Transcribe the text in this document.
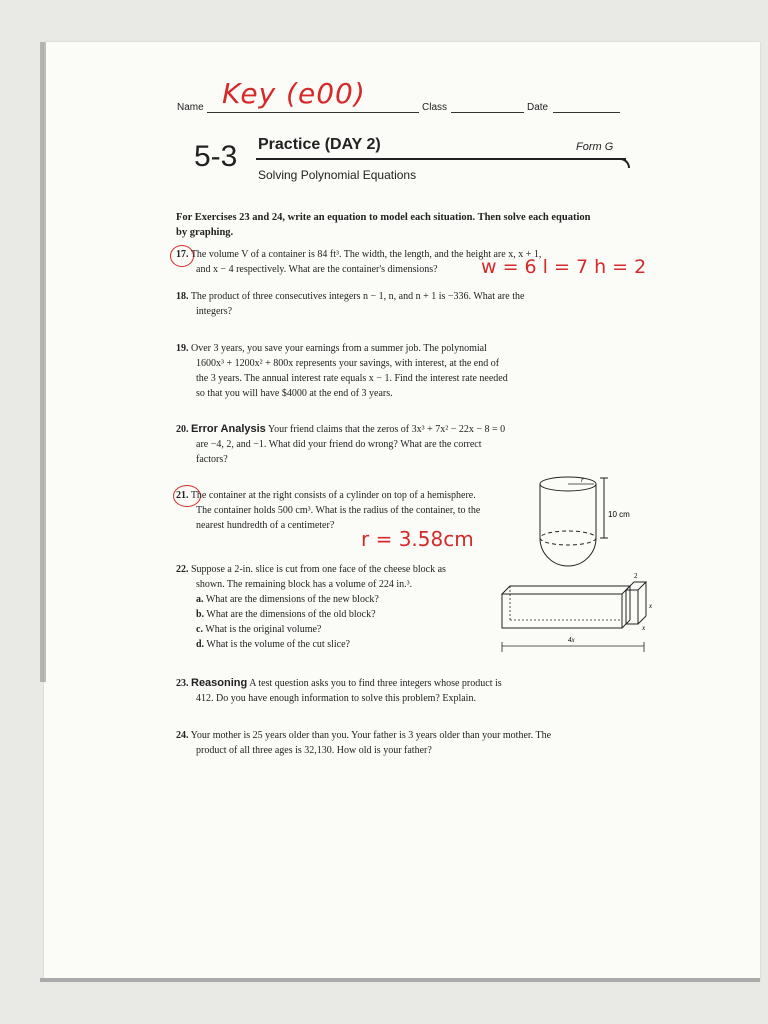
Name Key (e00)	Class	Date
5-3 Practice (DAY 2)	Form G
Solving Polynomial Equations
For Exercises 23 and 24, write an equation to model each situation. Then solve each equation by graphing.
17. The volume V of a container is 84 ft³. The width, the length, and the height are x, x + 1,
and x − 4 respectively. What are the container's dimensions?	w = 6 l = 7 h = 2
18. The product of three consecutives integers n − 1, n, and n + 1 is −336. What are the
integers?
19. Over 3 years, you save your earnings from a summer job. The polynomial
1600x³ + 1200x² + 800x represents your savings, with interest, at the end of
the 3 years. The annual interest rate equals x − 1. Find the interest rate needed
so that you will have $4000 at the end of 3 years.
20. Error Analysis Your friend claims that the zeros of 3x³ + 7x² − 22x − 8 = 0
are −4, 2, and −1. What did your friend do wrong? What are the correct
factors?
21. The container at the right consists of a cylinder on top of a hemisphere.
The container holds 500 cm³. What is the radius of the container, to the
nearest hundredth of a centimeter?
r = 3.58cm
r
10 cm
22. Suppose a 2-in. slice is cut from one face of the cheese block as
shown. The remaining block has a volume of 224 in.³.
a. What are the dimensions of the new block?
b. What are the dimensions of the old block?
c. What is the original volume?
d. What is the volume of the cut slice?
2
x
x
4x
23. Reasoning A test question asks you to find three integers whose product is
412. Do you have enough information to solve this problem? Explain.
24. Your mother is 25 years older than you. Your father is 3 years older than your mother. The
product of all three ages is 32,130. How old is your father?
